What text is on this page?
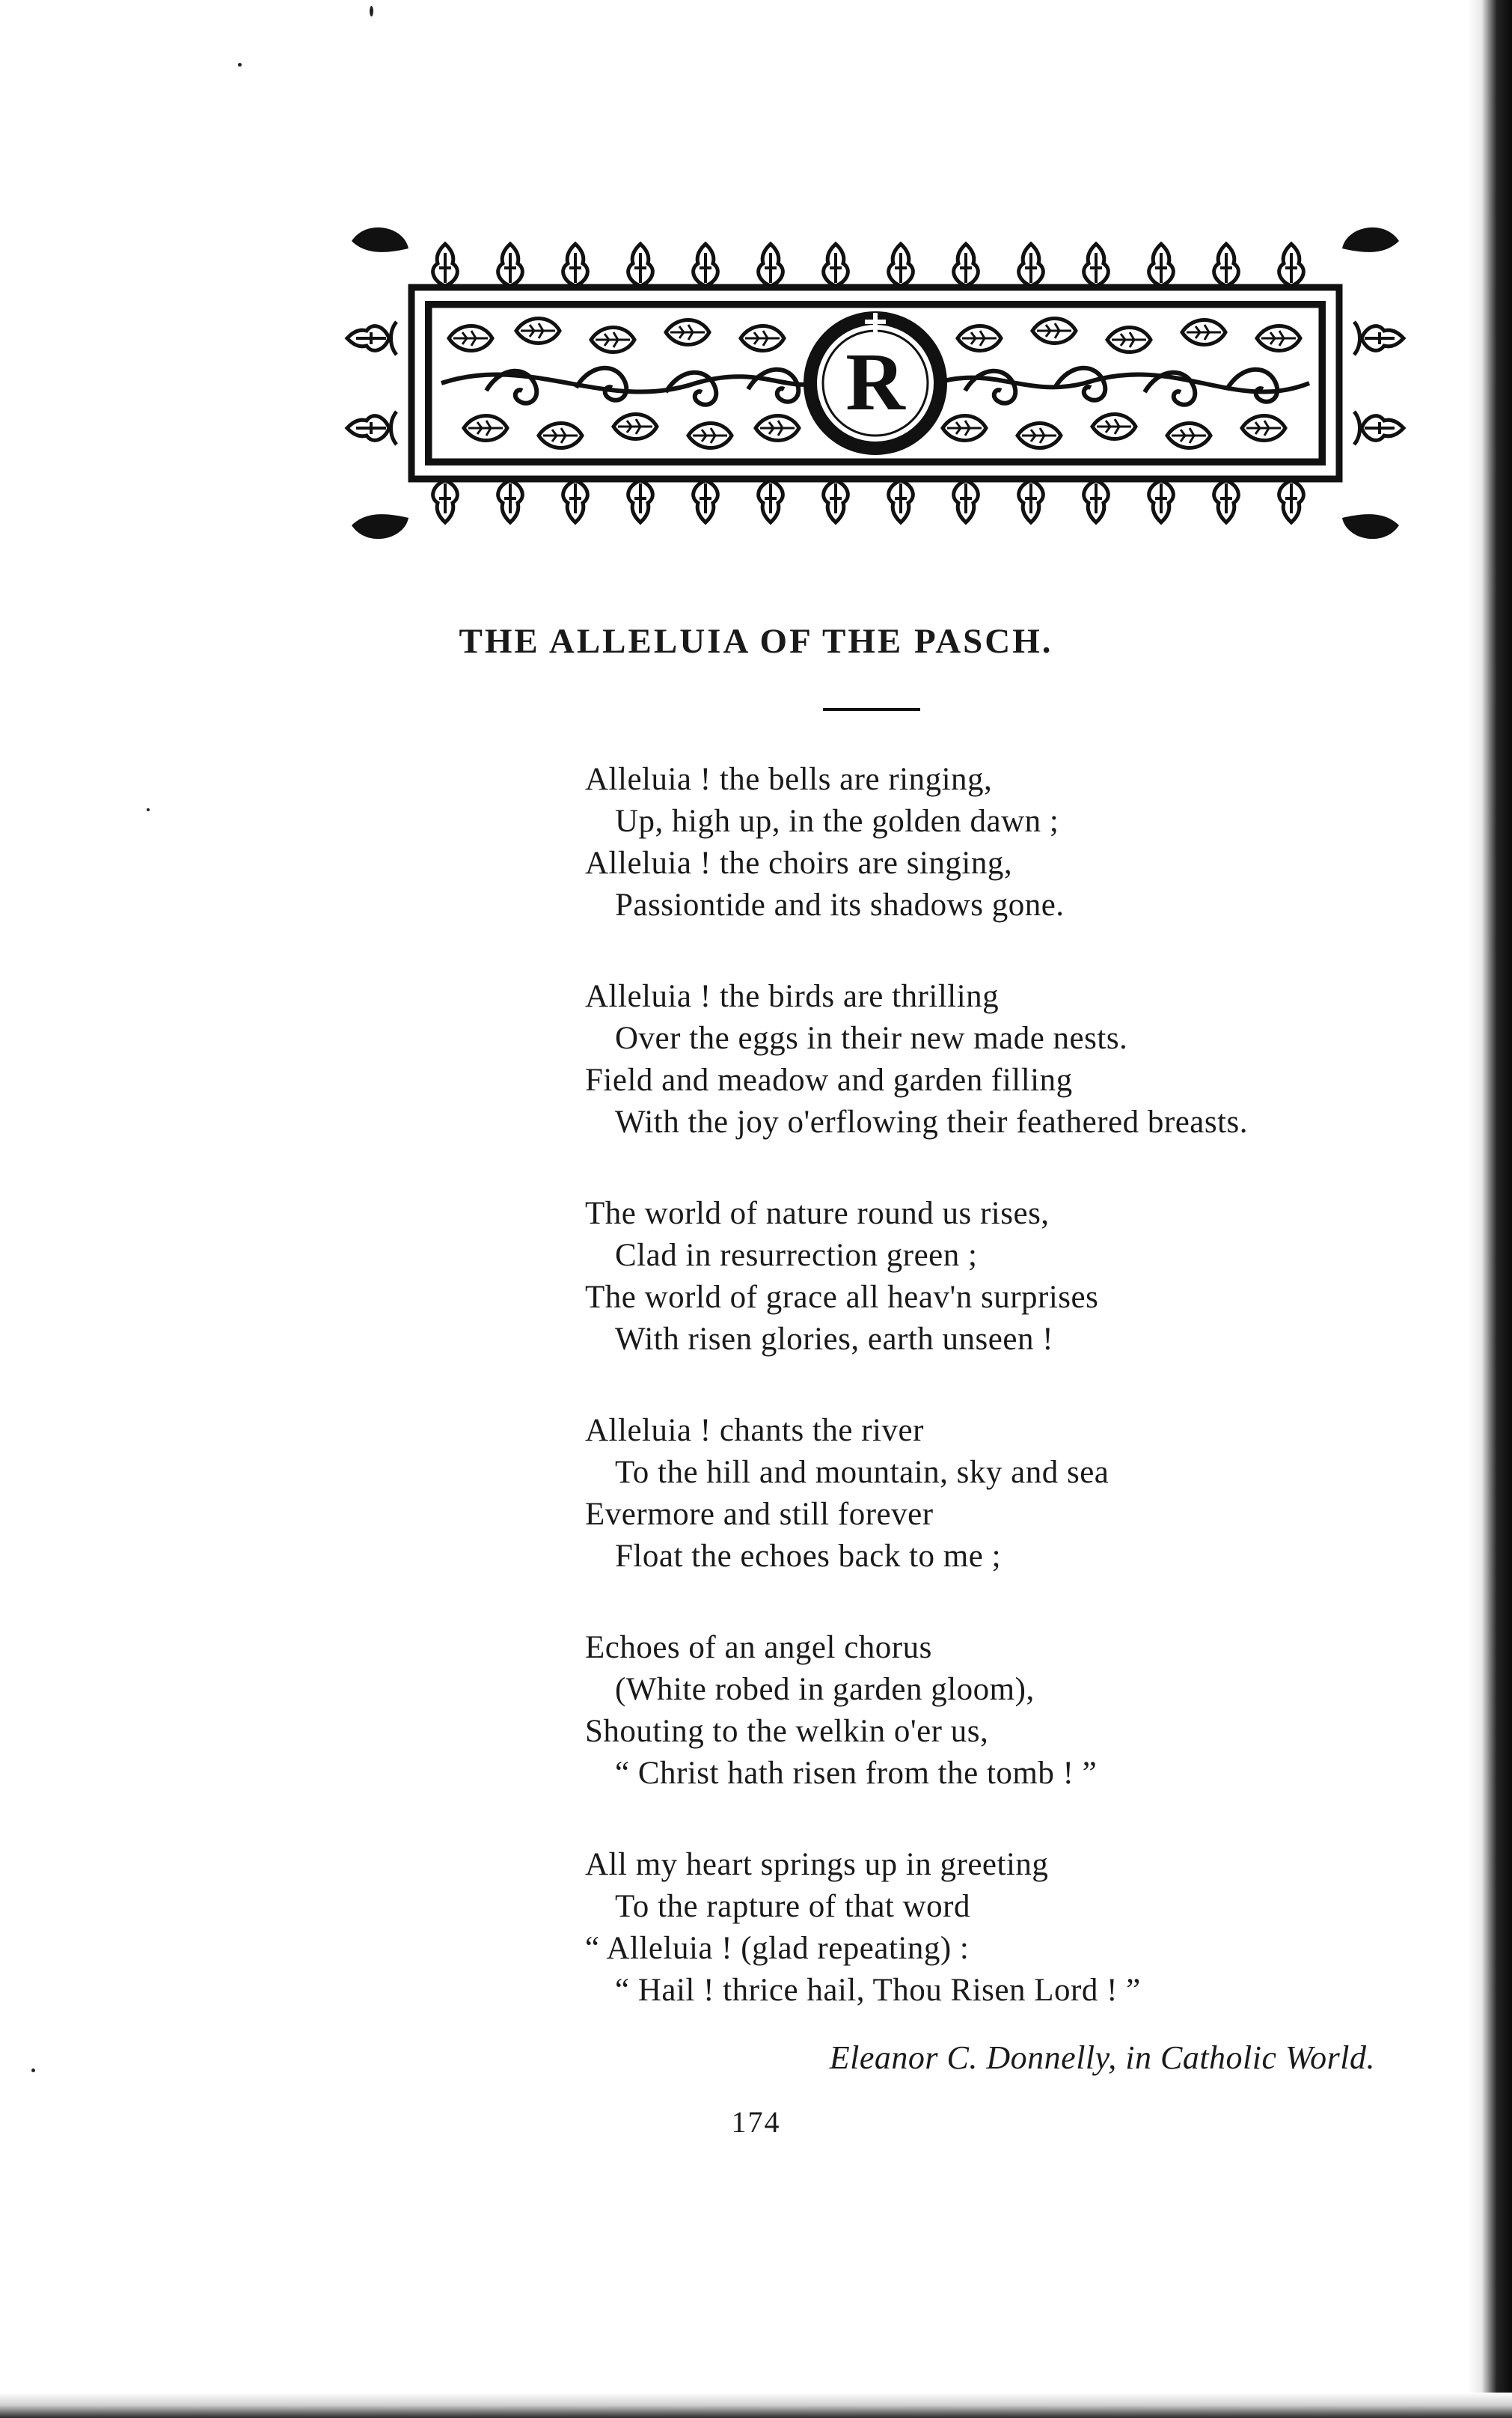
R
THE ALLELUIA OF THE PASCH.
Alleluia ! the bells are ringing,
Up, high up, in the golden dawn ;
Alleluia ! the choirs are singing,
Passiontide and its shadows gone.
Alleluia ! the birds are thrilling
Over the eggs in their new made nests.
Field and meadow and garden filling
With the joy o'erflowing their feathered breasts.
The world of nature round us rises,
Clad in resurrection green ;
The world of grace all heav'n surprises
With risen glories, earth unseen !
Alleluia ! chants the river
To the hill and mountain, sky and sea
Evermore and still forever
Float the echoes back to me ;
Echoes of an angel chorus
(White robed in garden gloom),
Shouting to the welkin o'er us,
“ Christ hath risen from the tomb ! ”
All my heart springs up in greeting
To the rapture of that word
“ Alleluia ! (glad repeating) :
“ Hail ! thrice hail, Thou Risen Lord ! ”
Eleanor C. Donnelly, in Catholic World.
174
